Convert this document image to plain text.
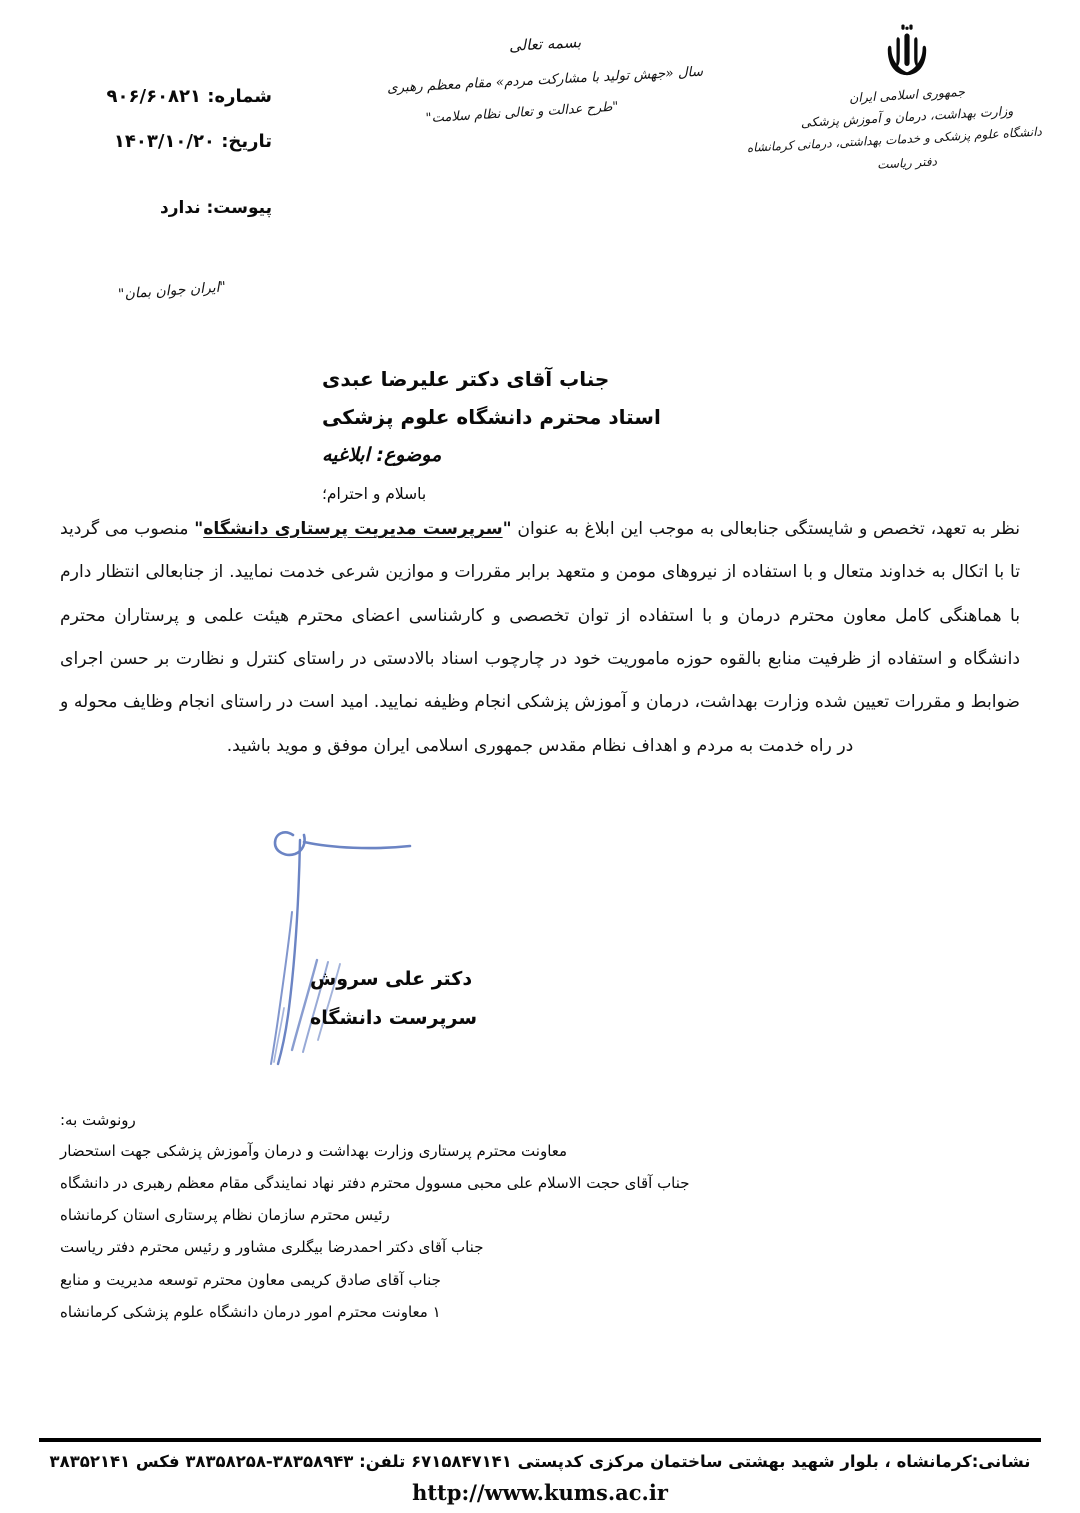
جمهوری اسلامی ایران
وزارت بهداشت، درمان و آموزش پزشکی
دانشگاه علوم پزشکی و خدمات بهداشتی، درمانی کرمانشاه
دفتر ریاست
بسمه تعالی
سال «جهش تولید با مشارکت مردم» مقام معظم رهبری
"طرح عدالت و تعالی نظام سلامت"
شماره: ۹۰۶/۶۰۸۲۱
تاریخ: ۱۴۰۳/۱۰/۲۰
پیوست: ندارد
"ایران جوان بمان"
جناب آقای دکتر علیرضا عبدی
استاد محترم دانشگاه علوم پزشکی
موضوع: ابلاغیه
باسلام و احترام؛
نظر به تعهد، تخصص و شایستگی جنابعالی به موجب این ابلاغ به عنوان "سرپرست مدیریت پرستاری دانشگاه" منصوب می گردید تا با اتکال به خداوند متعال و با استفاده از نیروهای مومن و متعهد برابر مقررات و موازین شرعی خدمت نمایید. از جنابعالی انتظار دارم با هماهنگی کامل معاون محترم درمان و با استفاده از توان تخصصی و کارشناسی اعضای محترم هیئت علمی و پرستاران محترم دانشگاه و استفاده از ظرفیت منابع بالقوه حوزه ماموریت خود در چارچوب اسناد بالادستی در راستای کنترل و نظارت بر حسن اجرای ضوابط و مقررات تعیین شده وزارت بهداشت، درمان و آموزش پزشکی انجام وظیفه نمایید. امید است در راستای انجام وظایف محوله و در راه خدمت به مردم و اهداف نظام مقدس جمهوری اسلامی ایران موفق و موید باشید.
دکتر علی سروش
سرپرست دانشگاه
رونوشت به:
معاونت محترم پرستاری وزارت بهداشت و درمان وآموزش پزشکی جهت استحضار
جناب آقای حجت الاسلام علی محبی مسوول محترم دفتر نهاد نمایندگی مقام معظم رهبری در دانشگاه
رئیس محترم سازمان نظام پرستاری استان کرمانشاه
جناب آقای دکتر احمدرضا بیگلری مشاور و رئیس محترم دفتر ریاست
جناب آقای صادق کریمی معاون محترم توسعه مدیریت و منابع
۱ معاونت محترم امور درمان دانشگاه علوم پزشکی کرمانشاه
نشانی:کرمانشاه ، بلوار شهید بهشتی ساختمان مرکزی کدپستی ۶۷۱۵۸۴۷۱۴۱ تلفن: ۳۸۳۵۸۹۴۳-۳۸۳۵۸۲۵۸ فکس ۳۸۳۵۲۱۴۱
http://www.kums.ac.ir
